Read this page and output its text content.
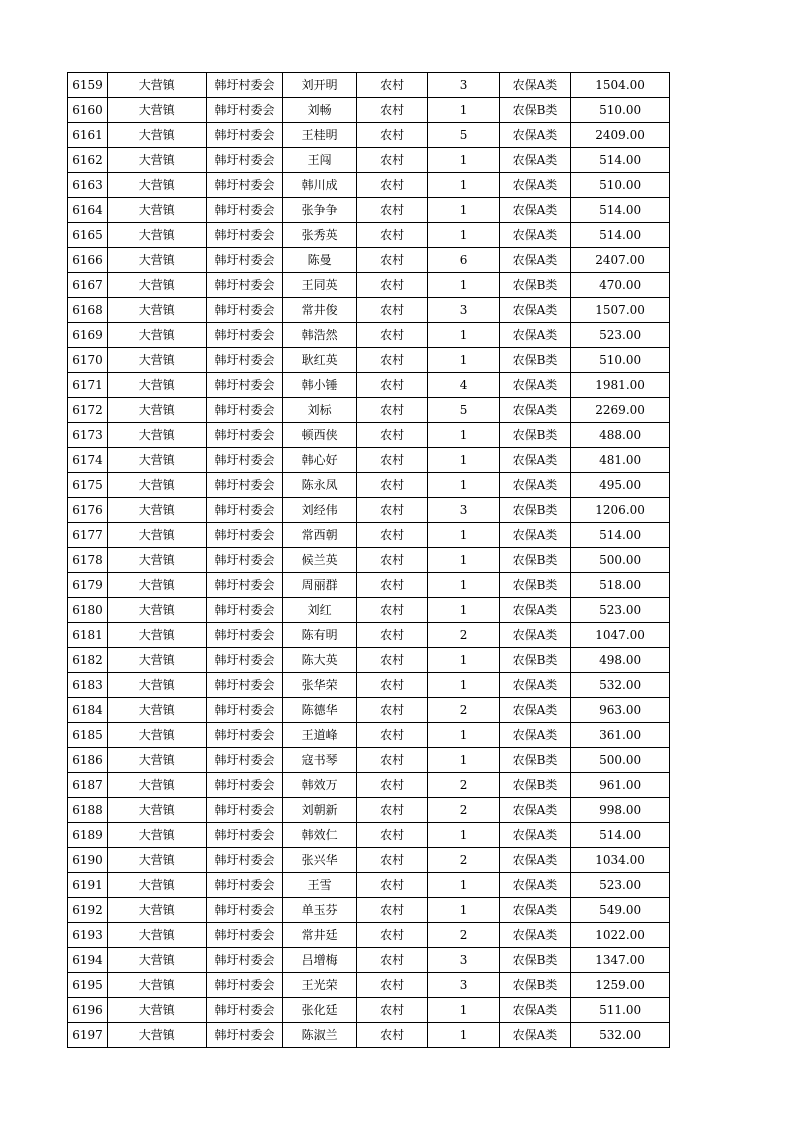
6159	大营镇	韩圩村委会	刘开明	农村	3	农保A类	1504.00
6160	大营镇	韩圩村委会	刘畅	农村	1	农保B类	510.00
6161	大营镇	韩圩村委会	王桂明	农村	5	农保A类	2409.00
6162	大营镇	韩圩村委会	王闯	农村	1	农保A类	514.00
6163	大营镇	韩圩村委会	韩川成	农村	1	农保A类	510.00
6164	大营镇	韩圩村委会	张争争	农村	1	农保A类	514.00
6165	大营镇	韩圩村委会	张秀英	农村	1	农保A类	514.00
6166	大营镇	韩圩村委会	陈曼	农村	6	农保A类	2407.00
6167	大营镇	韩圩村委会	王同英	农村	1	农保B类	470.00
6168	大营镇	韩圩村委会	常井俊	农村	3	农保A类	1507.00
6169	大营镇	韩圩村委会	韩浩然	农村	1	农保A类	523.00
6170	大营镇	韩圩村委会	耿红英	农村	1	农保B类	510.00
6171	大营镇	韩圩村委会	韩小锤	农村	4	农保A类	1981.00
6172	大营镇	韩圩村委会	刘标	农村	5	农保A类	2269.00
6173	大营镇	韩圩村委会	顿西侠	农村	1	农保B类	488.00
6174	大营镇	韩圩村委会	韩心好	农村	1	农保A类	481.00
6175	大营镇	韩圩村委会	陈永凤	农村	1	农保A类	495.00
6176	大营镇	韩圩村委会	刘经伟	农村	3	农保B类	1206.00
6177	大营镇	韩圩村委会	常西朝	农村	1	农保A类	514.00
6178	大营镇	韩圩村委会	候兰英	农村	1	农保B类	500.00
6179	大营镇	韩圩村委会	周丽群	农村	1	农保B类	518.00
6180	大营镇	韩圩村委会	刘红	农村	1	农保A类	523.00
6181	大营镇	韩圩村委会	陈有明	农村	2	农保A类	1047.00
6182	大营镇	韩圩村委会	陈大英	农村	1	农保B类	498.00
6183	大营镇	韩圩村委会	张华荣	农村	1	农保A类	532.00
6184	大营镇	韩圩村委会	陈德华	农村	2	农保A类	963.00
6185	大营镇	韩圩村委会	王道峰	农村	1	农保A类	361.00
6186	大营镇	韩圩村委会	寇书琴	农村	1	农保B类	500.00
6187	大营镇	韩圩村委会	韩效万	农村	2	农保B类	961.00
6188	大营镇	韩圩村委会	刘朝新	农村	2	农保A类	998.00
6189	大营镇	韩圩村委会	韩效仁	农村	1	农保A类	514.00
6190	大营镇	韩圩村委会	张兴华	农村	2	农保A类	1034.00
6191	大营镇	韩圩村委会	王雪	农村	1	农保A类	523.00
6192	大营镇	韩圩村委会	单玉芬	农村	1	农保A类	549.00
6193	大营镇	韩圩村委会	常井廷	农村	2	农保A类	1022.00
6194	大营镇	韩圩村委会	吕增梅	农村	3	农保B类	1347.00
6195	大营镇	韩圩村委会	王光荣	农村	3	农保B类	1259.00
6196	大营镇	韩圩村委会	张化廷	农村	1	农保A类	511.00
6197	大营镇	韩圩村委会	陈淑兰	农村	1	农保A类	532.00
